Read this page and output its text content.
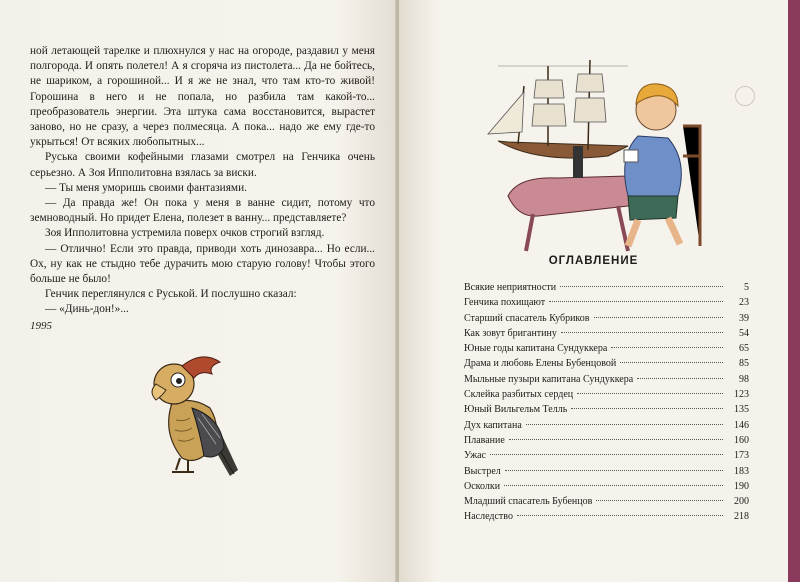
ной летающей тарелке и плюхнулся у нас на огороде, раздавил у меня полгорода. И опять полетел! А я сгоряча из пистолета... Да не бойтесь, не шариком, а горошиной... И я же не знал, что там кто-то живой! Горошина в него и не попала, но разбила там какой-то... преобразователь энергии. Эта штука сама восстановится, вырастет заново, но не сразу, а через полмесяца. А пока... надо же ему где-то укрыться! От всяких любопытных...

Руська своими кофейными глазами смотрел на Генчика очень серьезно. А Зоя Ипполитовна взялась за виски.

— Ты меня уморишь своими фантазиями.

— Да правда же! Он пока у меня в ванне сидит, потому что земноводный. Но придет Елена, полезет в ванну... представляете?

Зоя Ипполитовна устремила поверх очков строгий взгляд.

— Отлично! Если это правда, приводи хоть динозавра... Но если... Ох, ну как не стыдно тебе дурачить мою старую голову! Чтобы этого больше не было!

Генчик переглянулся с Руськой. И послушно сказал:

— «Динь-дон!»...

1995
ОГЛАВЛЕНИЕ
Всякие неприятности	5
Генчика похищают	23
Старший спасатель Кубриков	39
Как зовут бригантину	54
Юные годы капитана Сундуккера	65
Драма и любовь Елены Бубенцовой	85
Мыльные пузыри капитана Сундуккера	98
Склейка разбитых сердец	123
Юный Вильгельм Телль	135
Дух капитана	146
Плавание	160
Ужас	173
Выстрел	183
Осколки	190
Младший спасатель Бубенцов	200
Наследство	218
